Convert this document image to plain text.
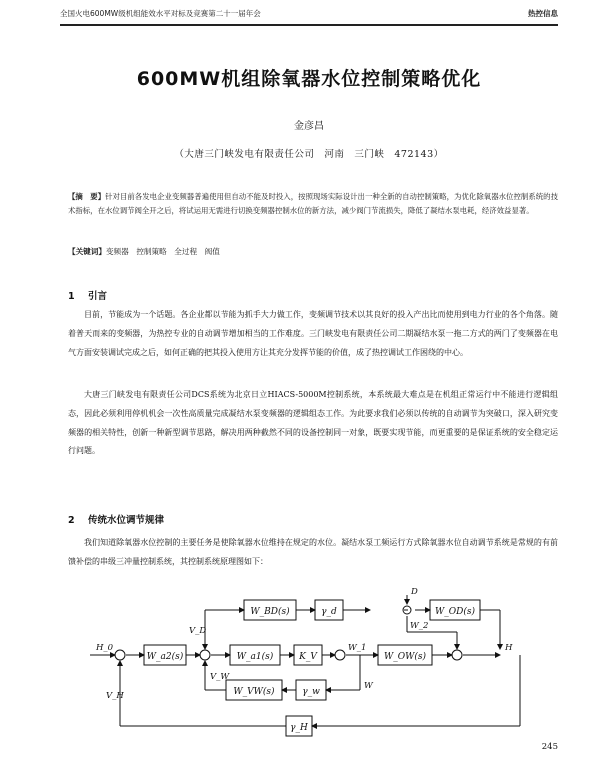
全国火电600MW级机组能效水平对标及竞赛第二十一届年会	热控信息
600MW机组除氧器水位控制策略优化
金彦昌
（大唐三门峡发电有限责任公司　河南　三门峡　472143）
【摘　要】针对目前各发电企业变频器普遍使用但自动不能及时投入，按照现场实际设计出一种全新的自动控制策略，为优化除氧器水位控制系统的技术指标，在水位调节阀全开之后，将试运用无需进行切换变频器控制水位的新方法，减少阀门节流损失，降低了凝结水泵电耗，经济效益显著。
【关键词】变频器　控制策略　全过程　阀值
1 引言
目前，节能成为一个话题。各企业都以节能为抓手大力做工作，变频调节技术以其良好的投入产出比而使用到电力行业的各个角落。随着普天而来的变频器，为热控专业的自动调节增加相当的工作难度。三门峡发电有限责任公司二期凝结水泵一拖二方式的两门了变频器在电气方面安装调试完成之后，如何正确的把其投入使用方让其充分发挥节能的价值，成了热控调试工作困绕的中心。
大唐三门峡发电有限责任公司DCS系统为北京日立HIACS-5000M控制系统，本系统最大难点是在机组正常运行中不能进行逻辑组态，因此必须利用停机机会一次性高质量完成凝结水泵变频器的逻辑组态工作。为此要求我们必须以传统的自动调节为突破口，深入研究变频器的相关特性，创新一种新型调节思路，解决用两种截然不同的设备控制同一对象，既要实现节能，而更重要的是保证系统的安全稳定运行问题。
2 传统水位调节规律
我们知道除氧器水位控制的主要任务是使除氧器水位维持在规定的水位。凝结水泵工频运行方式除氧器水位自动调节系统是常规的有前馈补偿的串级三冲量控制系统，其控制系统原理图如下：
W_BD(s)	γ_d	W_OD(s)
W_a2(s)	W_a1(s)	K_V	W_OW(s)
W_VW(s)	γ_w
γ_H
H_0
D
V_D
V_W
V_H
W_1
W_2
W
H
245
